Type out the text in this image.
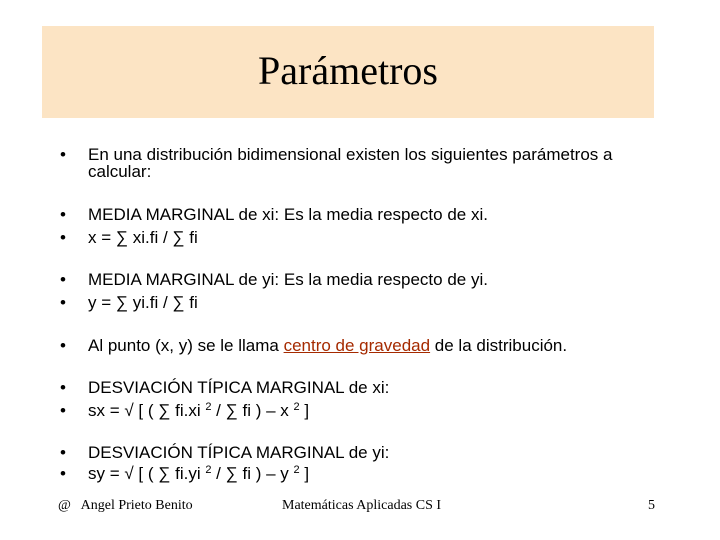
Parámetros
• En una distribución bidimensional existen los siguientes parámetros a
calcular:
• MEDIA MARGINAL de xi: Es la media respecto de xi.
• x = ∑ xi.fi / ∑ fi
• MEDIA MARGINAL de yi: Es la media respecto de yi.
• y = ∑ yi.fi / ∑ fi
• Al punto (x, y) se le llama centro de gravedad de la distribución.
• DESVIACIÓN TÍPICA MARGINAL de xi:
• sx = √ [ ( ∑ fi.xi $^2$ / ∑ fi ) – x $^2$ ]
• DESVIACIÓN TÍPICA MARGINAL de yi:
• sy = √ [ ( ∑ fi.yi $^2$ / ∑ fi ) – y $^2$ ]
@   Angel Prieto Benito	Matemáticas Aplicadas CS I	5
